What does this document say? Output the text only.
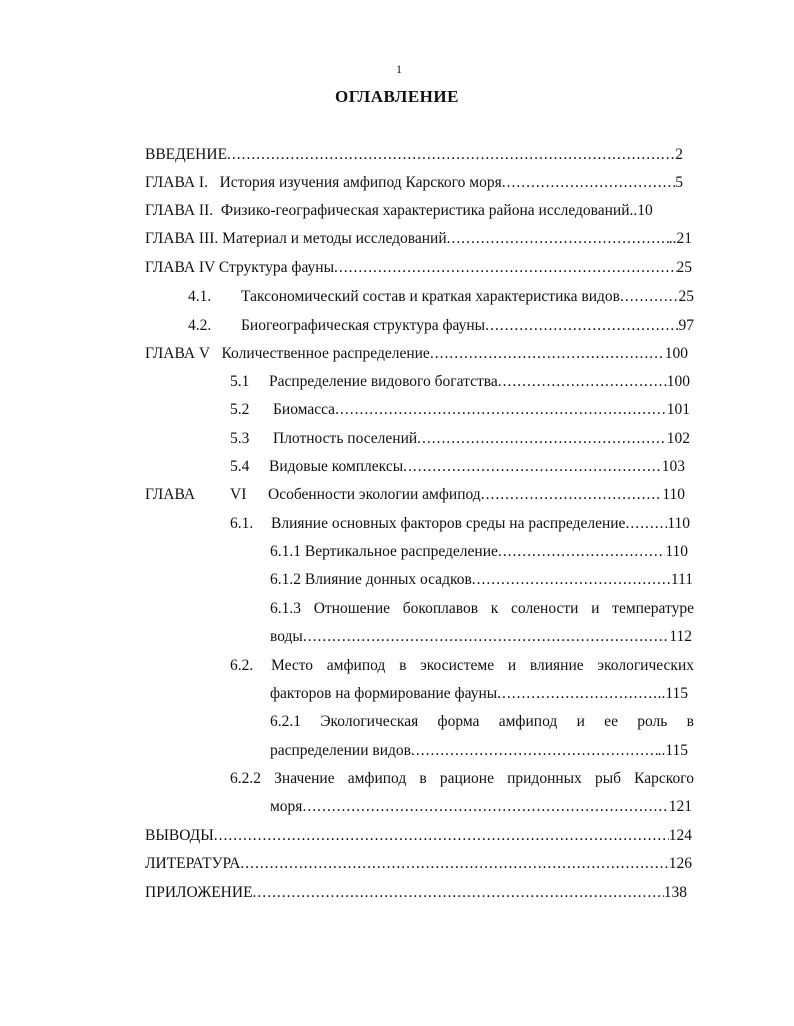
1
ОГЛАВЛЕНИЕ
ВВЕДЕНИЕ .....	2
ГЛАВА I.   История изучения амфипод Карского моря .....	5
ГЛАВА II.  Физико-географическая характеристика района исследований. .10
ГЛАВА III. Материал и методы исследований .....	..21
ГЛАВА IV Структура фауны .....	25
4.1.	Таксономический состав и краткая характеристика видов .....	25
4.2.	Биогеографическая структура фауны .....	97
ГЛАВА V   Количественное распределение .....	100
5.1	Распределение видового богатства .....	100
5.2	Биомасса .....	101
5.3	Плотность поселений .....	102
5.4	Видовые комплексы .....	103
ГЛАВА	VI	Особенности экологии амфипод .....	110
6.1.	Влияние основных факторов среды на распределение .....	110
6.1.1 Вертикальное распределение .....	110
6.1.2 Влияние донных осадков .....	111
6.1.3 Отношение бокоплавов к солености и температуре
воды .....	112
6.2.	Место амфипод в экосистеме и влияние экологических
факторов на формирование фауны .....	..115
6.2.1 Экологическая форма амфипод и ее роль в
распределении видов .....	..115
6.2.2 Значение амфипод в рационе придонных рыб Карского
моря .....	121
ВЫВОДЫ .....	124
ЛИТЕРАТУРА .....	126
ПРИЛОЖЕНИЕ .....	138
